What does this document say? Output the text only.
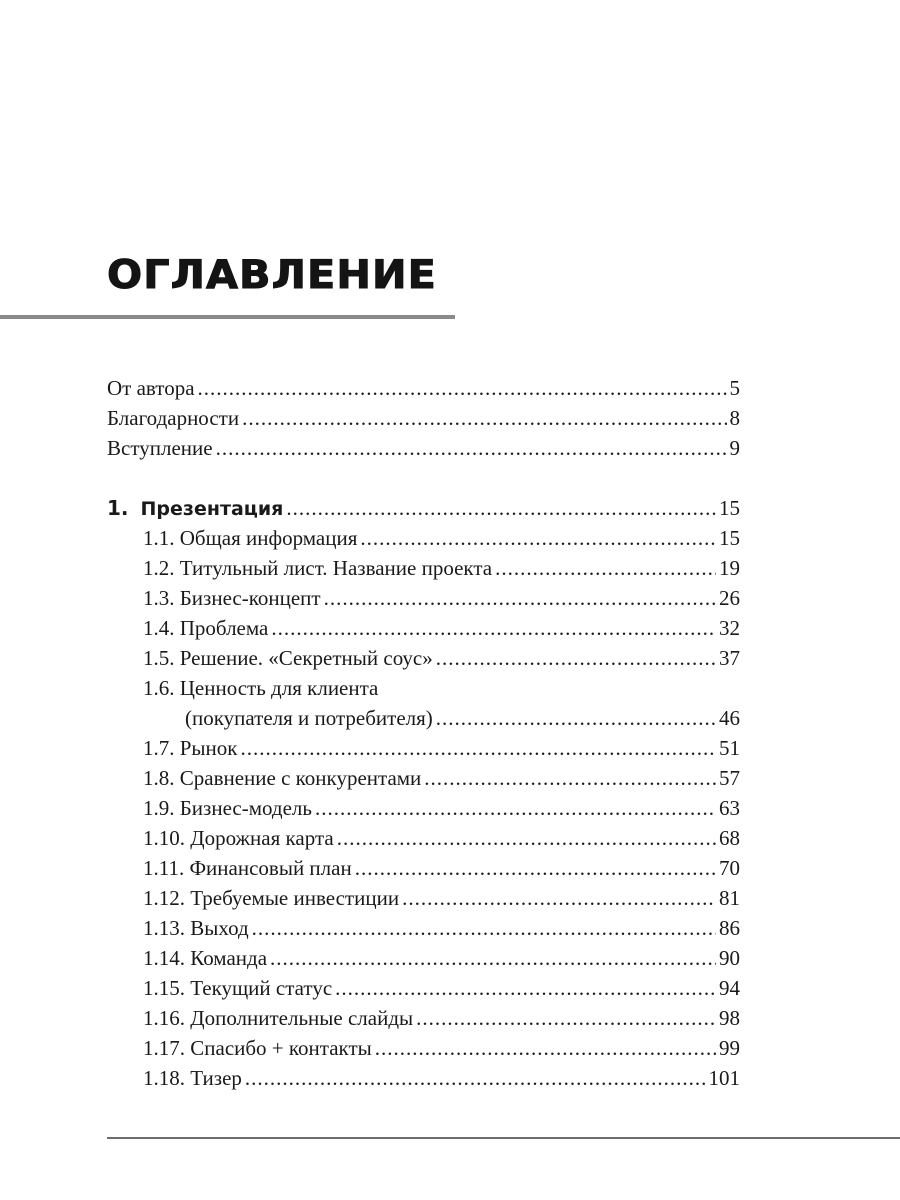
ОГЛАВЛЕНИЕ
От автора .....	5
Благодарности .....	8
Вступление .....	9
1. Презентация .....	15
1.1. Общая информация .....	15
1.2. Титульный лист. Название проекта .....	19
1.3. Бизнес-концепт .....	26
1.4. Проблема .....	32
1.5. Решение. «Секретный соус» .....	37
1.6. Ценность для клиента
(покупателя и потребителя) .....	46
1.7. Рынок .....	51
1.8. Сравнение с конкурентами .....	57
1.9. Бизнес-модель .....	63
1.10. Дорожная карта .....	68
1.11. Финансовый план .....	70
1.12. Требуемые инвестиции .....	81
1.13. Выход .....	86
1.14. Команда .....	90
1.15. Текущий статус .....	94
1.16. Дополнительные слайды .....	98
1.17. Спасибо + контакты .....	99
1.18. Тизер .....	101
